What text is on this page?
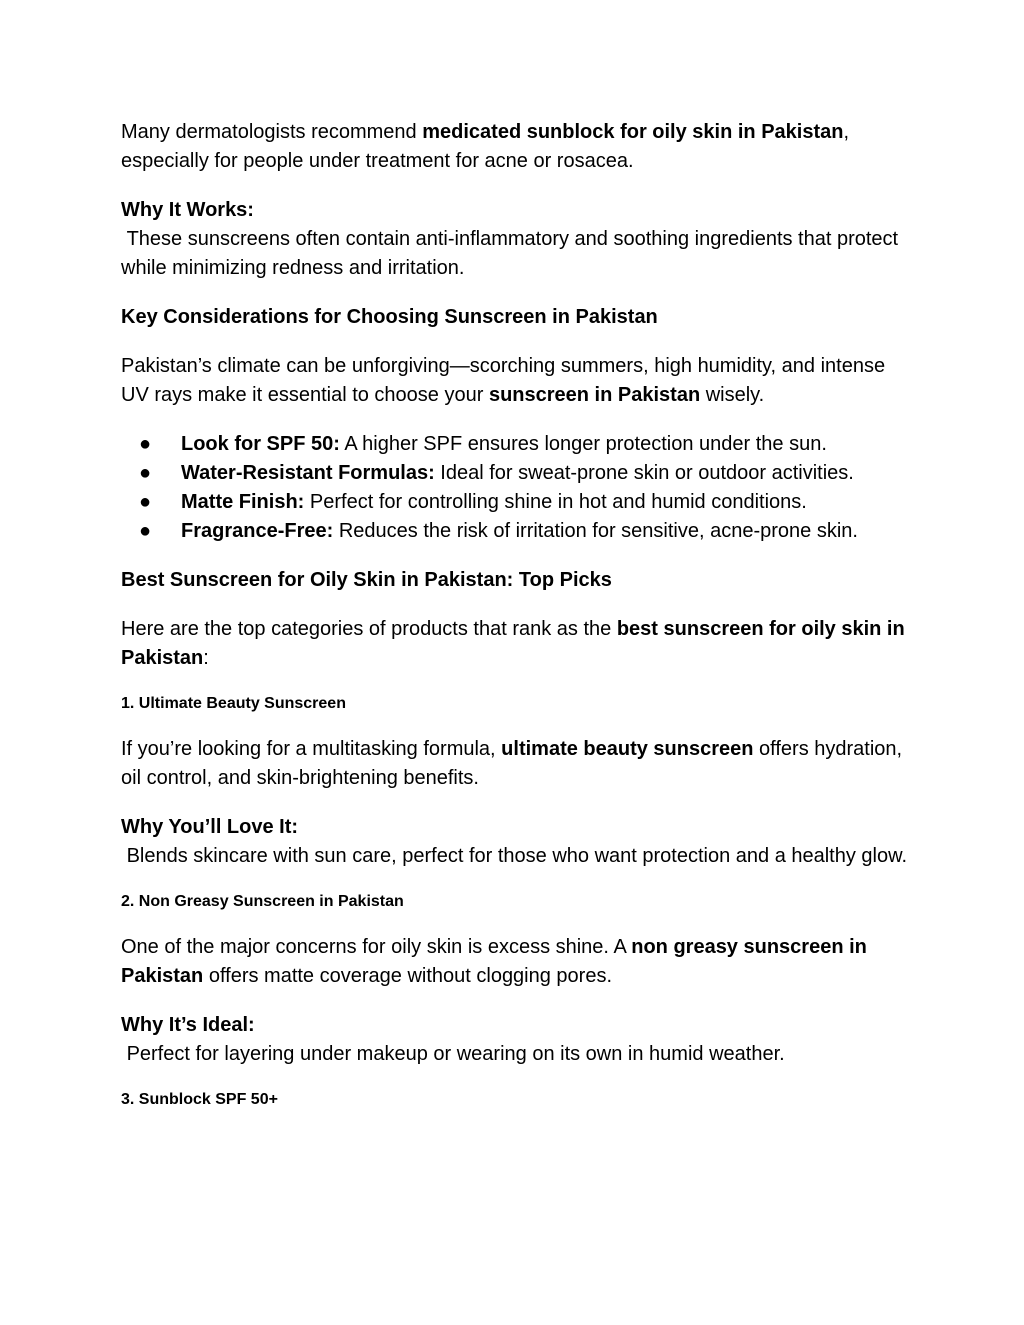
Many dermatologists recommend medicated sunblock for oily skin in Pakistan, especially for people under treatment for acne or rosacea.

Why It Works:

These sunscreens often contain anti-inflammatory and soothing ingredients that protect while minimizing redness and irritation.

Key Considerations for Choosing Sunscreen in Pakistan

Pakistan’s climate can be unforgiving—scorching summers, high humidity, and intense UV rays make it essential to choose your sunscreen in Pakistan wisely.

● Look for SPF 50: A higher SPF ensures longer protection under the sun.
● Water-Resistant Formulas: Ideal for sweat-prone skin or outdoor activities.
● Matte Finish: Perfect for controlling shine in hot and humid conditions.
● Fragrance-Free: Reduces the risk of irritation for sensitive, acne-prone skin.

Best Sunscreen for Oily Skin in Pakistan: Top Picks

Here are the top categories of products that rank as the best sunscreen for oily skin in Pakistan:

1. Ultimate Beauty Sunscreen

If you’re looking for a multitasking formula, ultimate beauty sunscreen offers hydration, oil control, and skin-brightening benefits.

Why You’ll Love It:

Blends skincare with sun care, perfect for those who want protection and a healthy glow.

2. Non Greasy Sunscreen in Pakistan

One of the major concerns for oily skin is excess shine. A non greasy sunscreen in Pakistan offers matte coverage without clogging pores.

Why It’s Ideal:

Perfect for layering under makeup or wearing on its own in humid weather.

3. Sunblock SPF 50+
